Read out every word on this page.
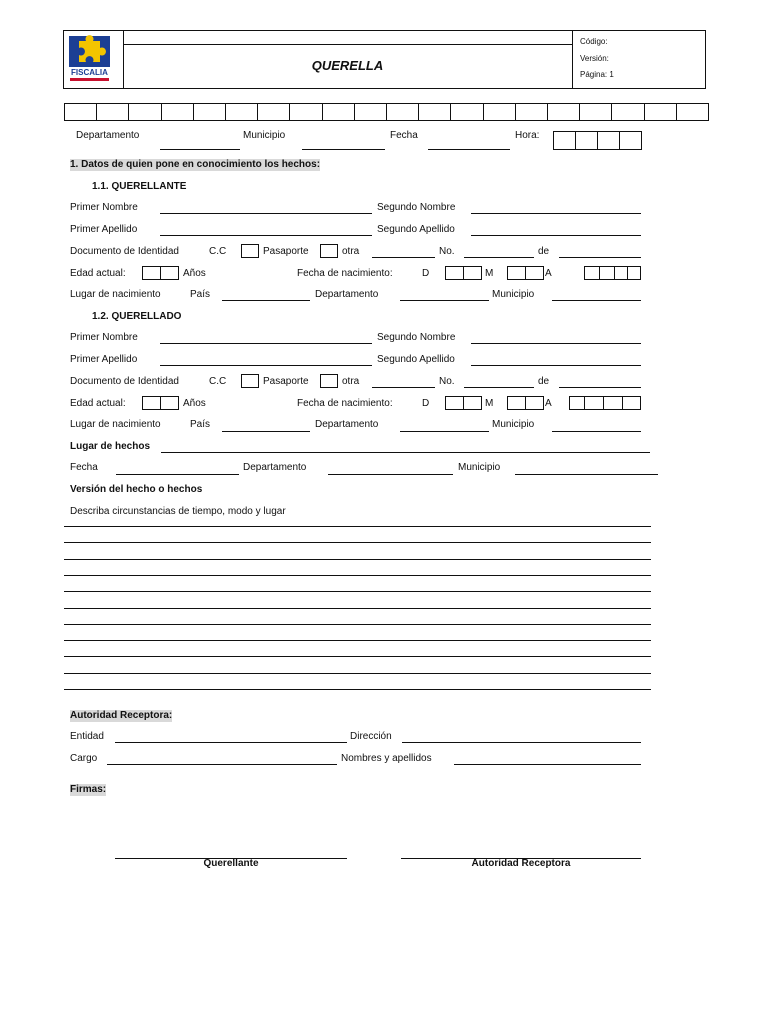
FISCALIA	QUERELLA
Código:
Versión:
Página: 1
Departamento	Municipio	Fecha	Hora:
1. Datos de quien pone en conocimiento los hechos:
1.1. QUERELLANTE
Primer Nombre	Segundo Nombre
Primer Apellido	Segundo Apellido
Documento de Identidad	C.C	Pasaporte	otra	No.	de
Edad actual:	Años	Fecha de nacimiento:	D	M	A
Lugar de nacimiento	País	Departamento	Municipio
1.2. QUERELLADO
Primer Nombre	Segundo Nombre
Primer Apellido	Segundo Apellido
Documento de Identidad	C.C	Pasaporte	otra	No.	de
Edad actual:	Años	Fecha de nacimiento:	D	M	A
Lugar de nacimiento	País	Departamento	Municipio
Lugar de hechos
Fecha	Departamento	Municipio
Versión del hecho o hechos
Describa circunstancias de tiempo, modo y lugar
Autoridad Receptora:
Entidad	Dirección
Cargo	Nombres y apellidos
Firmas:
Querellante	Autoridad Receptora
